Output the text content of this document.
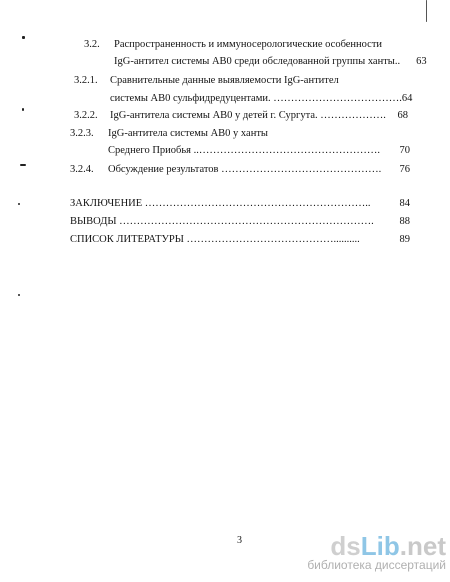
3.2.	Распространенность и иммуносерологические особенности
IgG-антител системы АВ0 среди обследованной группы ханты.. 63
3.2.1.	Сравнительные данные выявляемости IgG-антител
системы АВ0 сульфидредуцентами. ………………………………. 64
3.2.2.	IgG-антитела системы АВ0 у детей г. Сургута. ………………. 68
3.2.3.	IgG-антитела системы АВ0 у ханты
Среднего Приобья ..……………………………………………. 70
3.2.4.	Обсуждение результатов ………………………………………. 76
ЗАКЛЮЧЕНИЕ ………………………………………………………..	84
ВЫВОДЫ ………………………………………………………………. 88
СПИСОК ЛИТЕРАТУРЫ ……………………………………..........	89
3	dsLib.net
библиотека диссертаций
